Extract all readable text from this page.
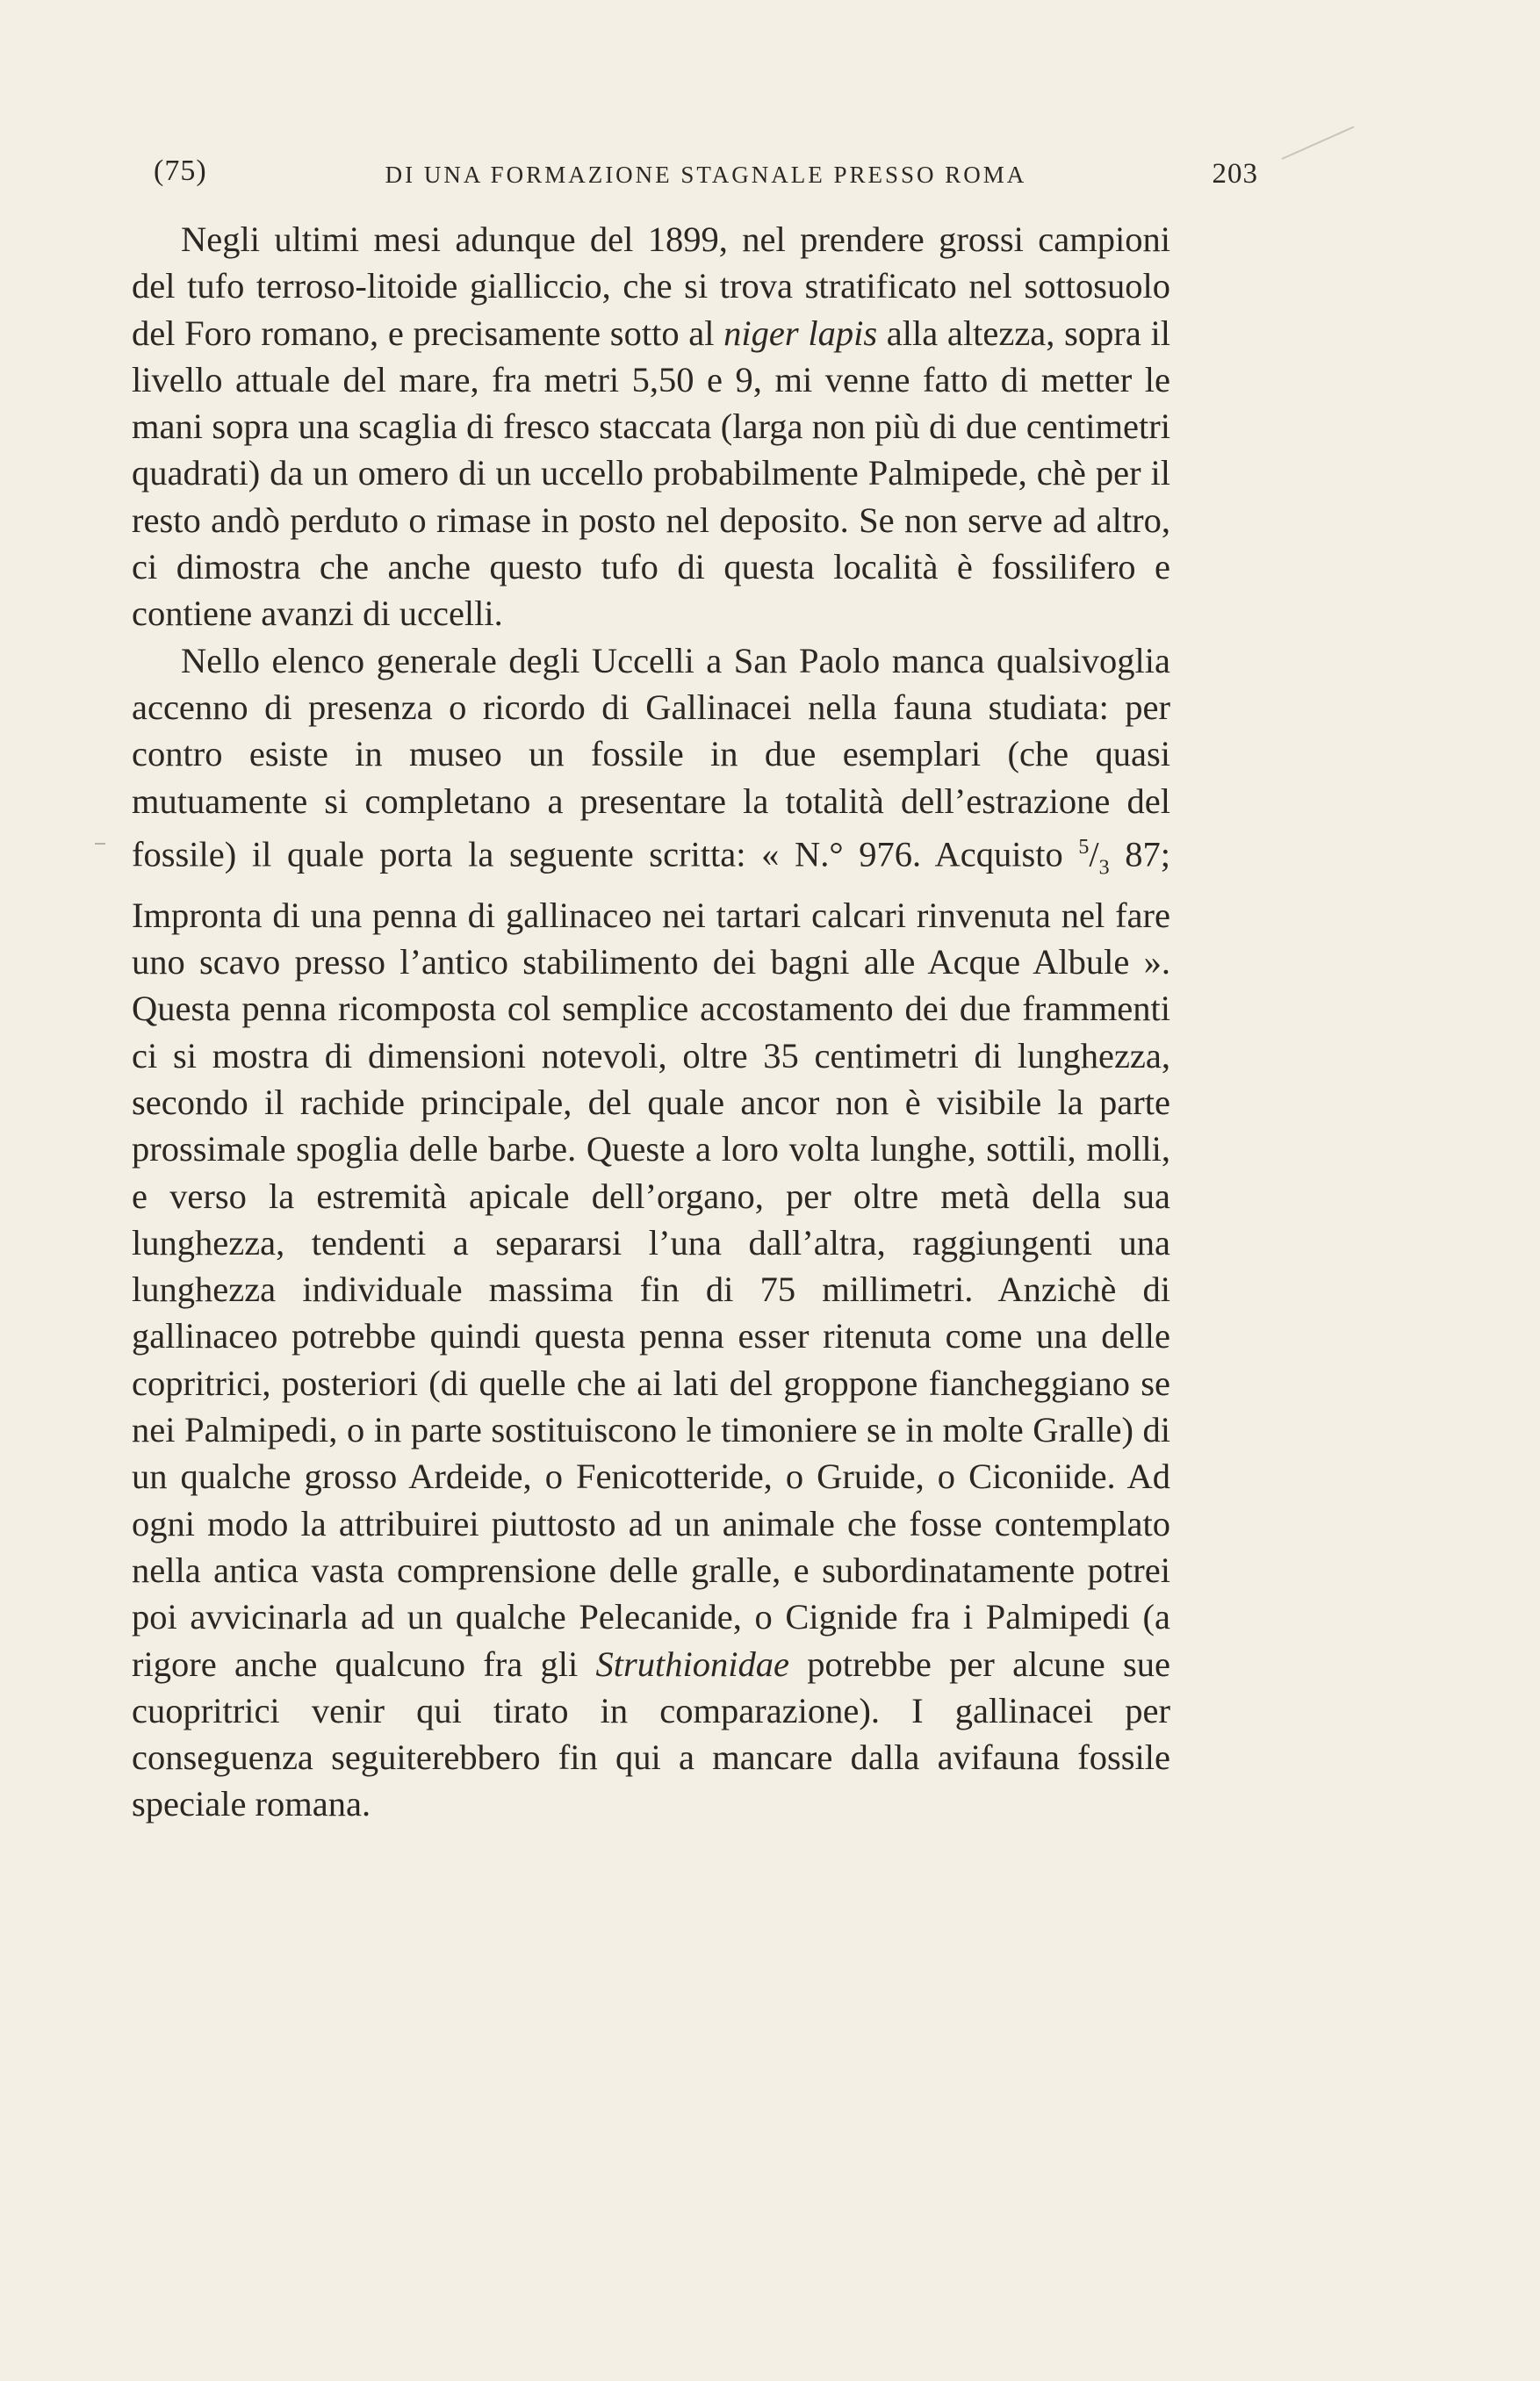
(75)	DI UNA FORMAZIONE STAGNALE PRESSO ROMA	203

Negli ultimi mesi adunque del 1899, nel prendere grossi campioni del tufo terroso-litoide gialliccio, che si trova stratificato nel sottosuolo del Foro romano, e precisamente sotto al niger lapis alla altezza, sopra il livello attuale del mare, fra metri 5,50 e 9, mi venne fatto di metter le mani sopra una scaglia di fresco staccata (larga non più di due centimetri quadrati) da un omero di un uccello probabilmente Palmipede, chè per il resto andò perduto o rimase in posto nel deposito. Se non serve ad altro, ci dimostra che anche questo tufo di questa località è fossilifero e contiene avanzi di uccelli.

Nello elenco generale degli Uccelli a San Paolo manca qualsivoglia accenno di presenza o ricordo di Gallinacei nella fauna studiata: per contro esiste in museo un fossile in due esemplari (che quasi mutuamente si completano a presentare la totalità dell’estrazione del fossile) il quale porta la seguente scritta: « N.° 976. Acquisto $^5/_3$ 87; Impronta di una penna di gallinaceo nei tartari calcari rinvenuta nel fare uno scavo presso l’antico stabilimento dei bagni alle Acque Albule ». Questa penna ricomposta col semplice accostamento dei due frammenti ci si mostra di dimensioni notevoli, oltre 35 centimetri di lunghezza, secondo il rachide principale, del quale ancor non è visibile la parte prossimale spoglia delle barbe. Queste a loro volta lunghe, sottili, molli, e verso la estremità apicale dell’organo, per oltre metà della sua lunghezza, tendenti a separarsi l’una dall’altra, raggiungenti una lunghezza individuale massima fin di 75 millimetri. Anzichè di gallinaceo potrebbe quindi questa penna esser ritenuta come una delle copritrici, posteriori (di quelle che ai lati del groppone fiancheggiano se nei Palmipedi, o in parte sostituiscono le timoniere se in molte Gralle) di un qualche grosso Ardeide, o Fenicotteride, o Gruide, o Ciconiide. Ad ogni modo la attribuirei piuttosto ad un animale che fosse contemplato nella antica vasta comprensione delle gralle, e subordinatamente potrei poi avvicinarla ad un qualche Pelecanide, o Cignide fra i Palmipedi (a rigore anche qualcuno fra gli Struthionidae potrebbe per alcune sue cuopritrici venir qui tirato in comparazione). I gallinacei per conseguenza seguiterebbero fin qui a mancare dalla avifauna fossile speciale romana.
